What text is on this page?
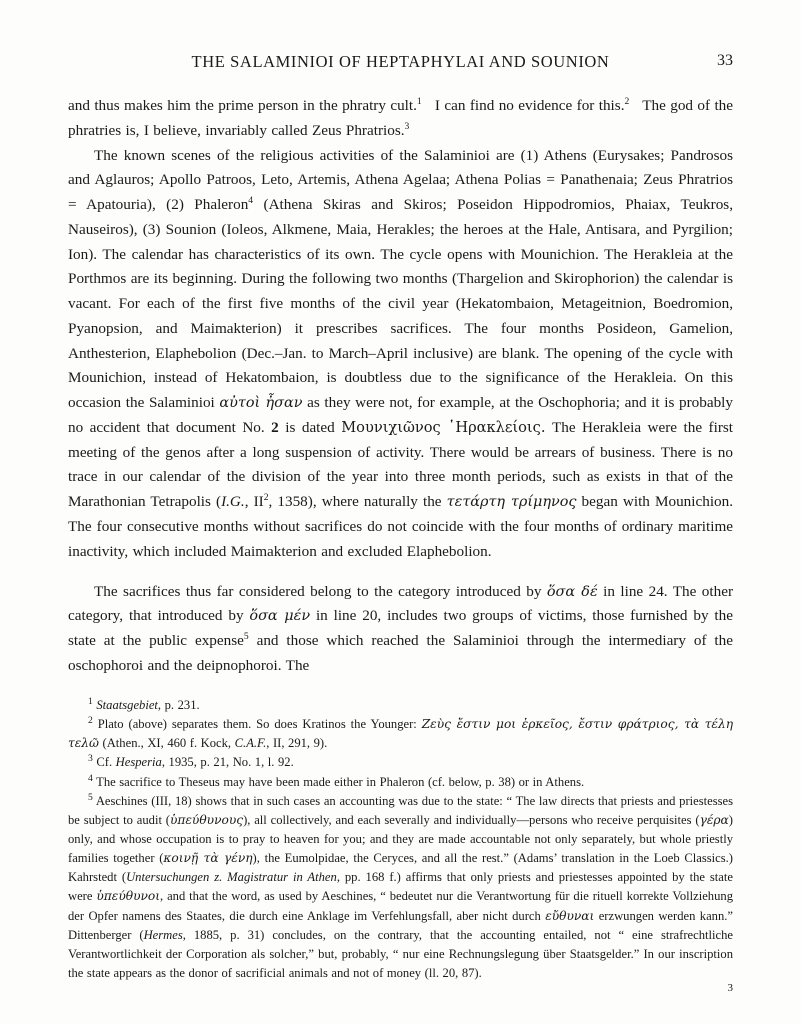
THE SALAMINIOI OF HEPTAPHYLAI AND SOUNION	33

and thus makes him the prime person in the phratry cult.$^1$ I can find no evidence for this.$^2$ The god of the phratries is, I believe, invariably called Zeus Phratrios.$^3$

The known scenes of the religious activities of the Salaminioi are (1) Athens (Eurysakes; Pandrosos and Aglauros; Apollo Patroos, Leto, Artemis, Athena Agelaa; Athena Polias = Panathenaia; Zeus Phratrios = Apatouria), (2) Phaleron$^4$ (Athena Skiras and Skiros; Poseidon Hippodromios, Phaiax, Teukros, Nauseiros), (3) Sounion (Ioleos, Alkmene, Maia, Herakles; the heroes at the Hale, Antisara, and Pyrgilion; Ion). The calendar has characteristics of its own. The cycle opens with Mounichion. The Herakleia at the Porthmos are its beginning. During the following two months (Thargelion and Skirophorion) the calendar is vacant. For each of the first five months of the civil year (Hekatombaion, Metageitnion, Boedromion, Pyanopsion, and Maimakterion) it prescribes sacrifices. The four months Posideon, Gamelion, Anthesterion, Elaphebolion (Dec.–Jan. to March–April inclusive) are blank. The opening of the cycle with Mounichion, instead of Hekatombaion, is doubtless due to the significance of the Herakleia. On this occasion the Salaminioi αὐτοὶ ἦσαν as they were not, for example, at the Oschophoria; and it is probably no accident that document No. 2 is dated Μουνιχιῶνος ῾Ηρακλείοις. The Herakleia were the first meeting of the genos after a long suspension of activity. There would be arrears of business. There is no trace in our calendar of the division of the year into three month periods, such as exists in that of the Marathonian Tetrapolis (I.G., $II^2$, 1358), where naturally the τετάρτη τρίμηνος began with Mounichion. The four consecutive months without sacrifices do not coincide with the four months of ordinary maritime inactivity, which included Maimakterion and excluded Elaphebolion.

The sacrifices thus far considered belong to the category introduced by ὅσα δέ in line 24. The other category, that introduced by ὅσα μέν in line 20, includes two groups of victims, those furnished by the state at the public expense$^5$ and those which reached the Salaminioi through the intermediary of the oschophoroi and the deipnophoroi. The

$^1$ Staatsgebiet, p. 231.

$^2$ Plato (above) separates them. So does Kratinos the Younger: Ζεὺς ἔστιν μοι ἑρκεῖος, ἔστιν φράτριος, τὰ τέλη τελῶ (Athen., XI, 460 f. Kock, C.A.F., II, 291, 9).

$^3$ Cf. Hesperia, 1935, p. 21, No. 1, l. 92.

$^4$ The sacrifice to Theseus may have been made either in Phaleron (cf. below, p. 38) or in Athens.

$^5$ Aeschines (III, 18) shows that in such cases an accounting was due to the state: “ The law directs that priests and priestesses be subject to audit (ὑπεύθυνους), all collectively, and each severally and individually—persons who receive perquisites (γέρα) only, and whose occupation is to pray to heaven for you; and they are made accountable not only separately, but whole priestly families together (κοινῇ τὰ γένη), the Eumolpidae, the Ceryces, and all the rest.” (Adams’ translation in the Loeb Classics.) Kahrstedt (Untersuchungen z. Magistratur in Athen, pp. 168 f.) affirms that only priests and priestesses appointed by the state were ὑπεύθυνοι, and that the word, as used by Aeschines, “ bedeutet nur die Verantwortung für die rituell korrekte Vollziehung der Opfer namens des Staates, die durch eine Anklage im Verfehlungsfall, aber nicht durch εὔθυναι erzwungen werden kann.” Dittenberger (Hermes, 1885, p. 31) concludes, on the contrary, that the accounting entailed, not “ eine strafrechtliche Verantwortlichkeit der Corporation als solcher,” but, probably, “ nur eine Rechnungslegung über Staatsgelder.” In our inscription the state appears as the donor of sacrificial animals and not of money (ll. 20, 87).

3
